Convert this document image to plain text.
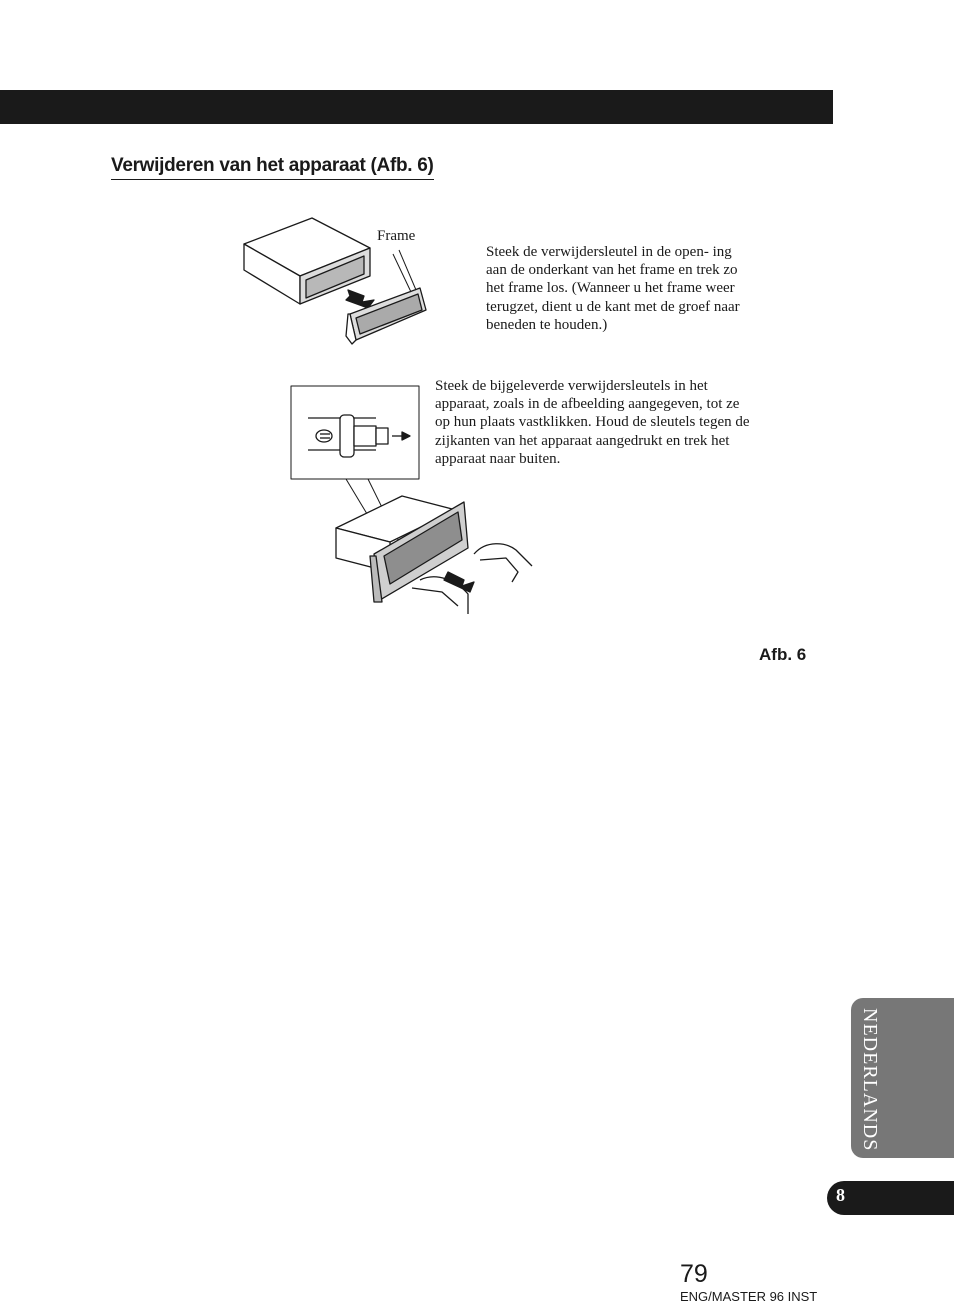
Verwijderen van het apparaat (Afb. 6)
Frame
Steek de verwijdersleutel in de open- ing aan de onderkant van het frame en trek zo het frame los. (Wanneer u het frame weer terugzet, dient u de kant met de groef naar beneden te houden.)
Steek de bijgeleverde verwijdersleutels in het apparaat, zoals in de afbeelding aangegeven, tot ze op hun plaats vastklikken. Houd de sleutels tegen de zijkanten van het apparaat aangedrukt en trek het apparaat naar buiten.
Afb. 6
NEDERLANDS
8
79
ENG/MASTER 96 INST
